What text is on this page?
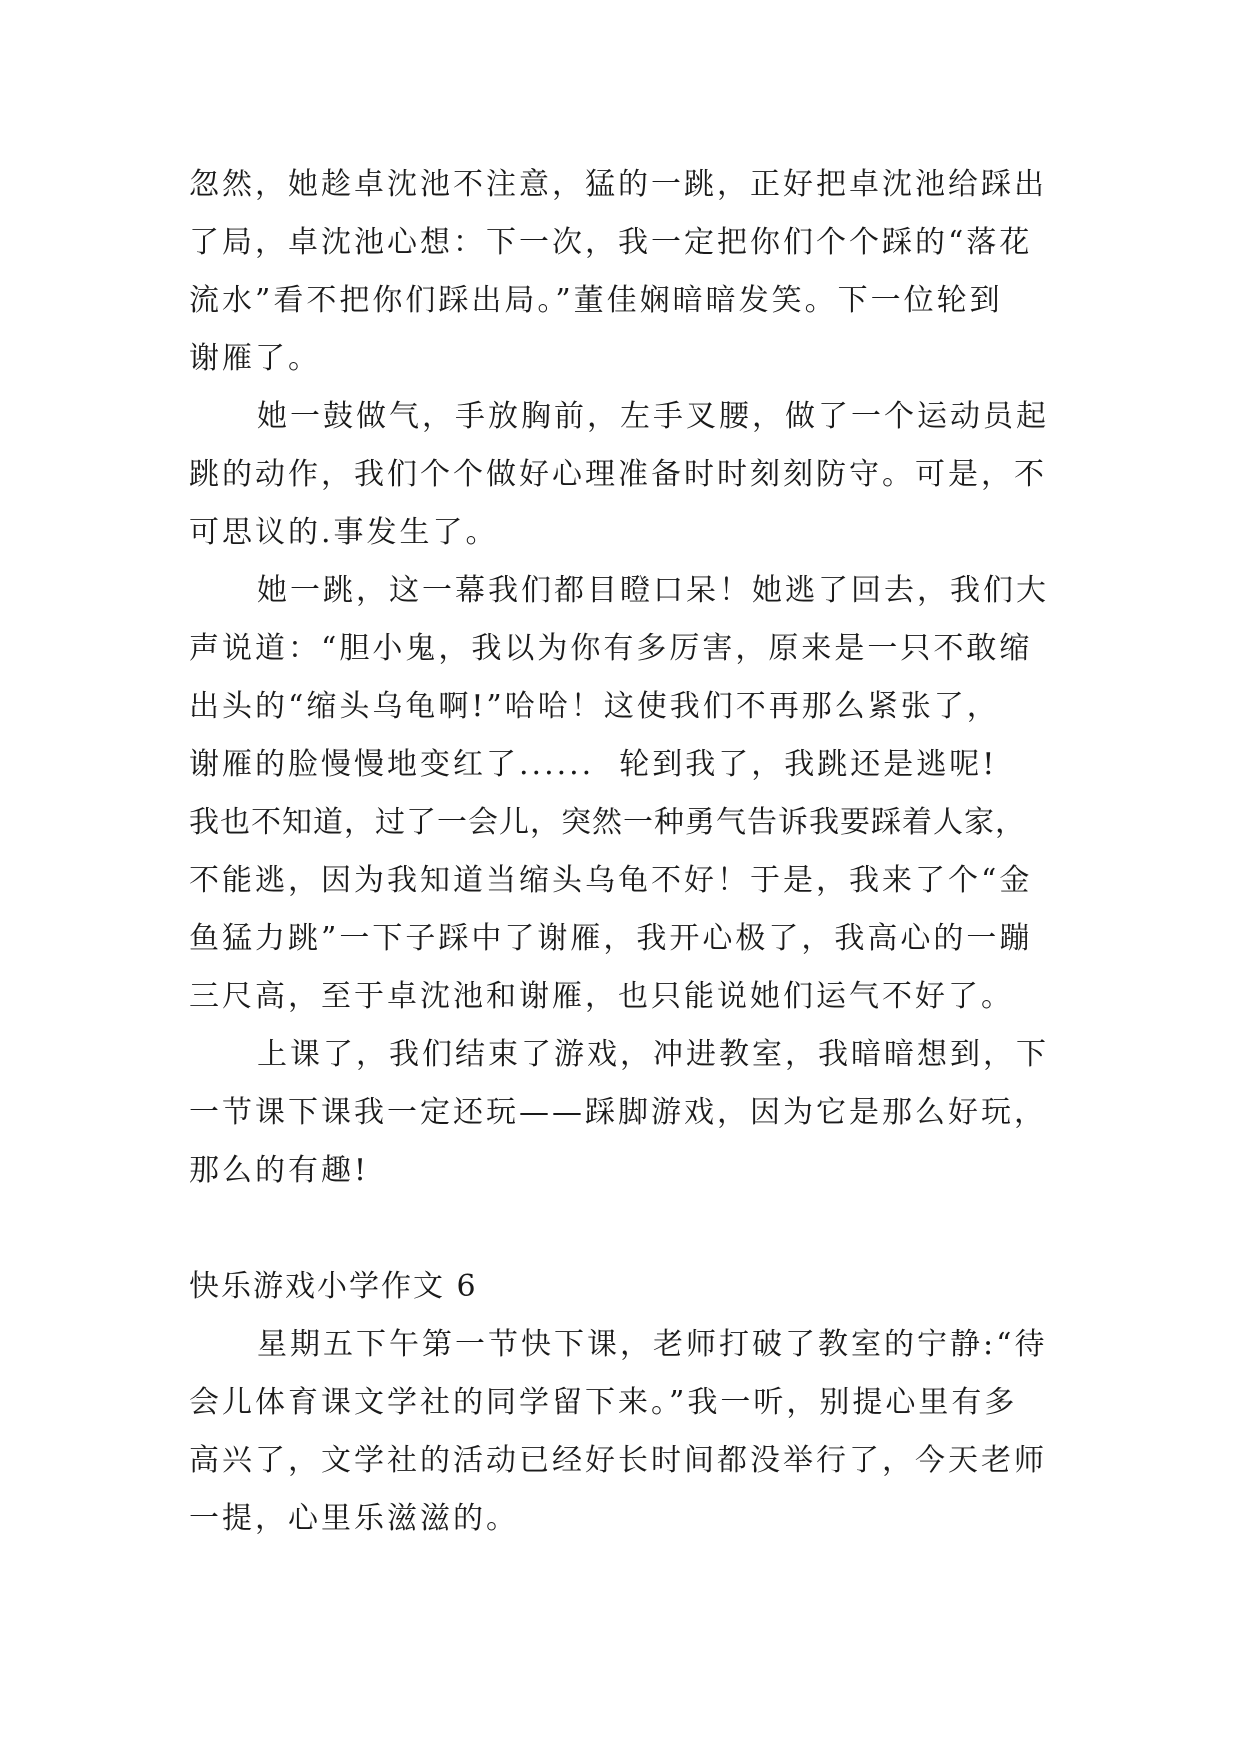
忽然，她趁卓沈池不注意，猛的一跳，正好把卓沈池给踩出
了局，卓沈池心想：下一次，我一定把你们个个踩的“落花
流水”看不把你们踩出局。”董佳娴暗暗发笑。下一位轮到
谢雁了。
她一鼓做气，手放胸前，左手叉腰，做了一个运动员起
跳的动作，我们个个做好心理准备时时刻刻防守。可是，不
可思议的.事发生了。
她一跳，这一幕我们都目瞪口呆！她逃了回去，我们大
声说道：“胆小鬼，我以为你有多厉害，原来是一只不敢缩
出头的“缩头乌龟啊!”哈哈！这使我们不再那么紧张了，
谢雁的脸慢慢地变红了......  轮到我了，我跳还是逃呢!
我也不知道，过了一会儿，突然一种勇气告诉我要踩着人家，
不能逃，因为我知道当缩头乌龟不好！于是，我来了个“金
鱼猛力跳”一下子踩中了谢雁，我开心极了，我高心的一蹦
三尺高，至于卓沈池和谢雁，也只能说她们运气不好了。
上课了，我们结束了游戏，冲进教室，我暗暗想到，下
一节课下课我一定还玩——踩脚游戏，因为它是那么好玩，
那么的有趣!
快乐游戏小学作文 6
星期五下午第一节快下课，老师打破了教室的宁静:“待
会儿体育课文学社的同学留下来。”我一听，别提心里有多
高兴了，文学社的活动已经好长时间都没举行了，今天老师
一提，心里乐滋滋的。
